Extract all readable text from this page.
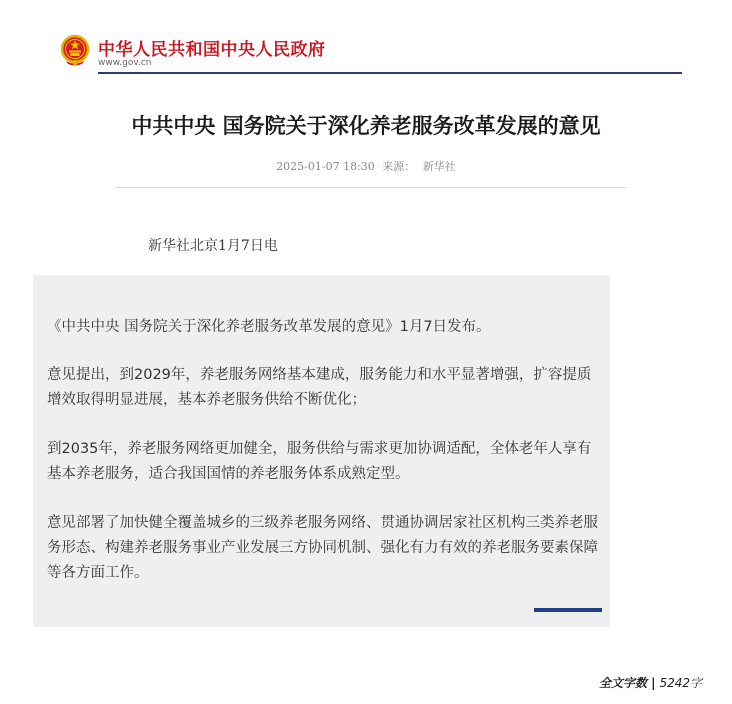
中华人民共和国中央人民政府
www.gov.cn
中共中央 国务院关于深化养老服务改革发展的意见
2025-01-07 18:30 来源： 新华社
新华社北京1月7日电
《中共中央 国务院关于深化养老服务改革发展的意见》1月7日发布。
意见提出，到2029年，养老服务网络基本建成，服务能力和水平显著增强，扩容提质增效取得明显进展，基本养老服务供给不断优化；
到2035年，养老服务网络更加健全，服务供给与需求更加协调适配，全体老年人享有基本养老服务，适合我国国情的养老服务体系成熟定型。
意见部署了加快健全覆盖城乡的三级养老服务网络、贯通协调居家社区机构三类养老服务形态、构建养老服务事业产业发展三方协同机制、强化有力有效的养老服务要素保障等各方面工作。
全文字数 | 5242字
